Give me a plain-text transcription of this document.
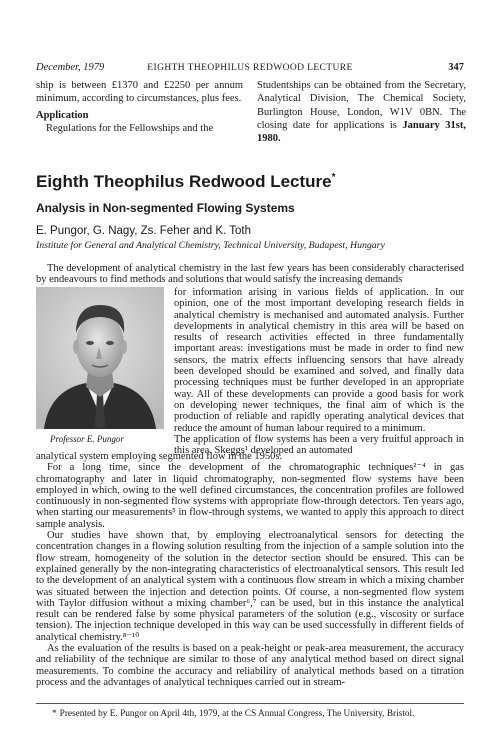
December, 1979	EIGHTH THEOPHILUS REDWOOD LECTURE	347

ship is between £1370 and £2250 per annum minimum, according to circumstances, plus fees.

Application

Regulations for the Fellowships and the

Studentships can be obtained from the Secretary, Analytical Division, The Chemical Society, Burlington House, London, W1V 0BN. The closing date for applications is January 31st, 1980.

Eighth Theophilus Redwood Lecture*
Analysis in Non-segmented Flowing Systems
E. Pungor, G. Nagy, Zs. Feher and K. Toth
Institute for General and Analytical Chemistry, Technical University, Budapest, Hungary

The development of analytical chemistry in the last few years has been considerably characterised by endeavours to find methods and solutions that would satisfy the increasing demands

Professor E. Pungor

for information arising in various fields of application. In our opinion, one of the most important developing research fields in analytical chemistry is mechanised and automated analysis. Further developments in analytical chemistry in this area will be based on results of research activities effected in three fundamentally important areas: investigations must be made in order to find new sensors, the matrix effects influencing sensors that have already been developed should be examined and solved, and finally data processing techniques must be further developed in an appropriate way. All of these developments can provide a good basis for work on developing newer techniques, the final aim of which is the production of reliable and rapidly operating analytical devices that reduce the amount of human labour required to a minimum.

The application of flow systems has been a very fruitful approach in this area. Skeggs¹ developed an automated

analytical system employing segmented flow in the 1950s.

For a long time, since the development of the chromatographic techniques²⁻⁴ in gas chromatography and later in liquid chromatography, non-segmented flow systems have been employed in which, owing to the well defined circumstances, the concentration profiles are followed continuously in non-segmented flow systems with appropriate flow-through detectors. Ten years ago, when starting our measurements⁵ in flow-through systems, we wanted to apply this approach to direct sample analysis.

Our studies have shown that, by employing electroanalytical sensors for detecting the concentration changes in a flowing solution resulting from the injection of a sample solution into the flow stream, homogeneity of the solution in the detector section should be ensured. This can be explained generally by the non-integrating characteristics of electroanalytical sensors. This result led to the development of an analytical system with a continuous flow stream in which a mixing chamber was situated between the injection and detection points. Of course, a non-segmented flow system with Taylor diffusion without a mixing chamber⁶,⁷ can be used, but in this instance the analytical result can be rendered false by some physical parameters of the solution (e.g., viscosity or surface tension). The injection technique developed in this way can be used successfully in different fields of analytical chemistry.⁸⁻¹⁰

As the evaluation of the results is based on a peak-height or peak-area measurement, the accuracy and reliability of the technique are similar to those of any analytical method based on direct signal measurements. To combine the accuracy and reliability of analytical methods based on a titration process and the advantages of analytical techniques carried out in stream-

* Presented by E. Pungor on April 4th, 1979, at the CS Annual Congress, The University, Bristol.
